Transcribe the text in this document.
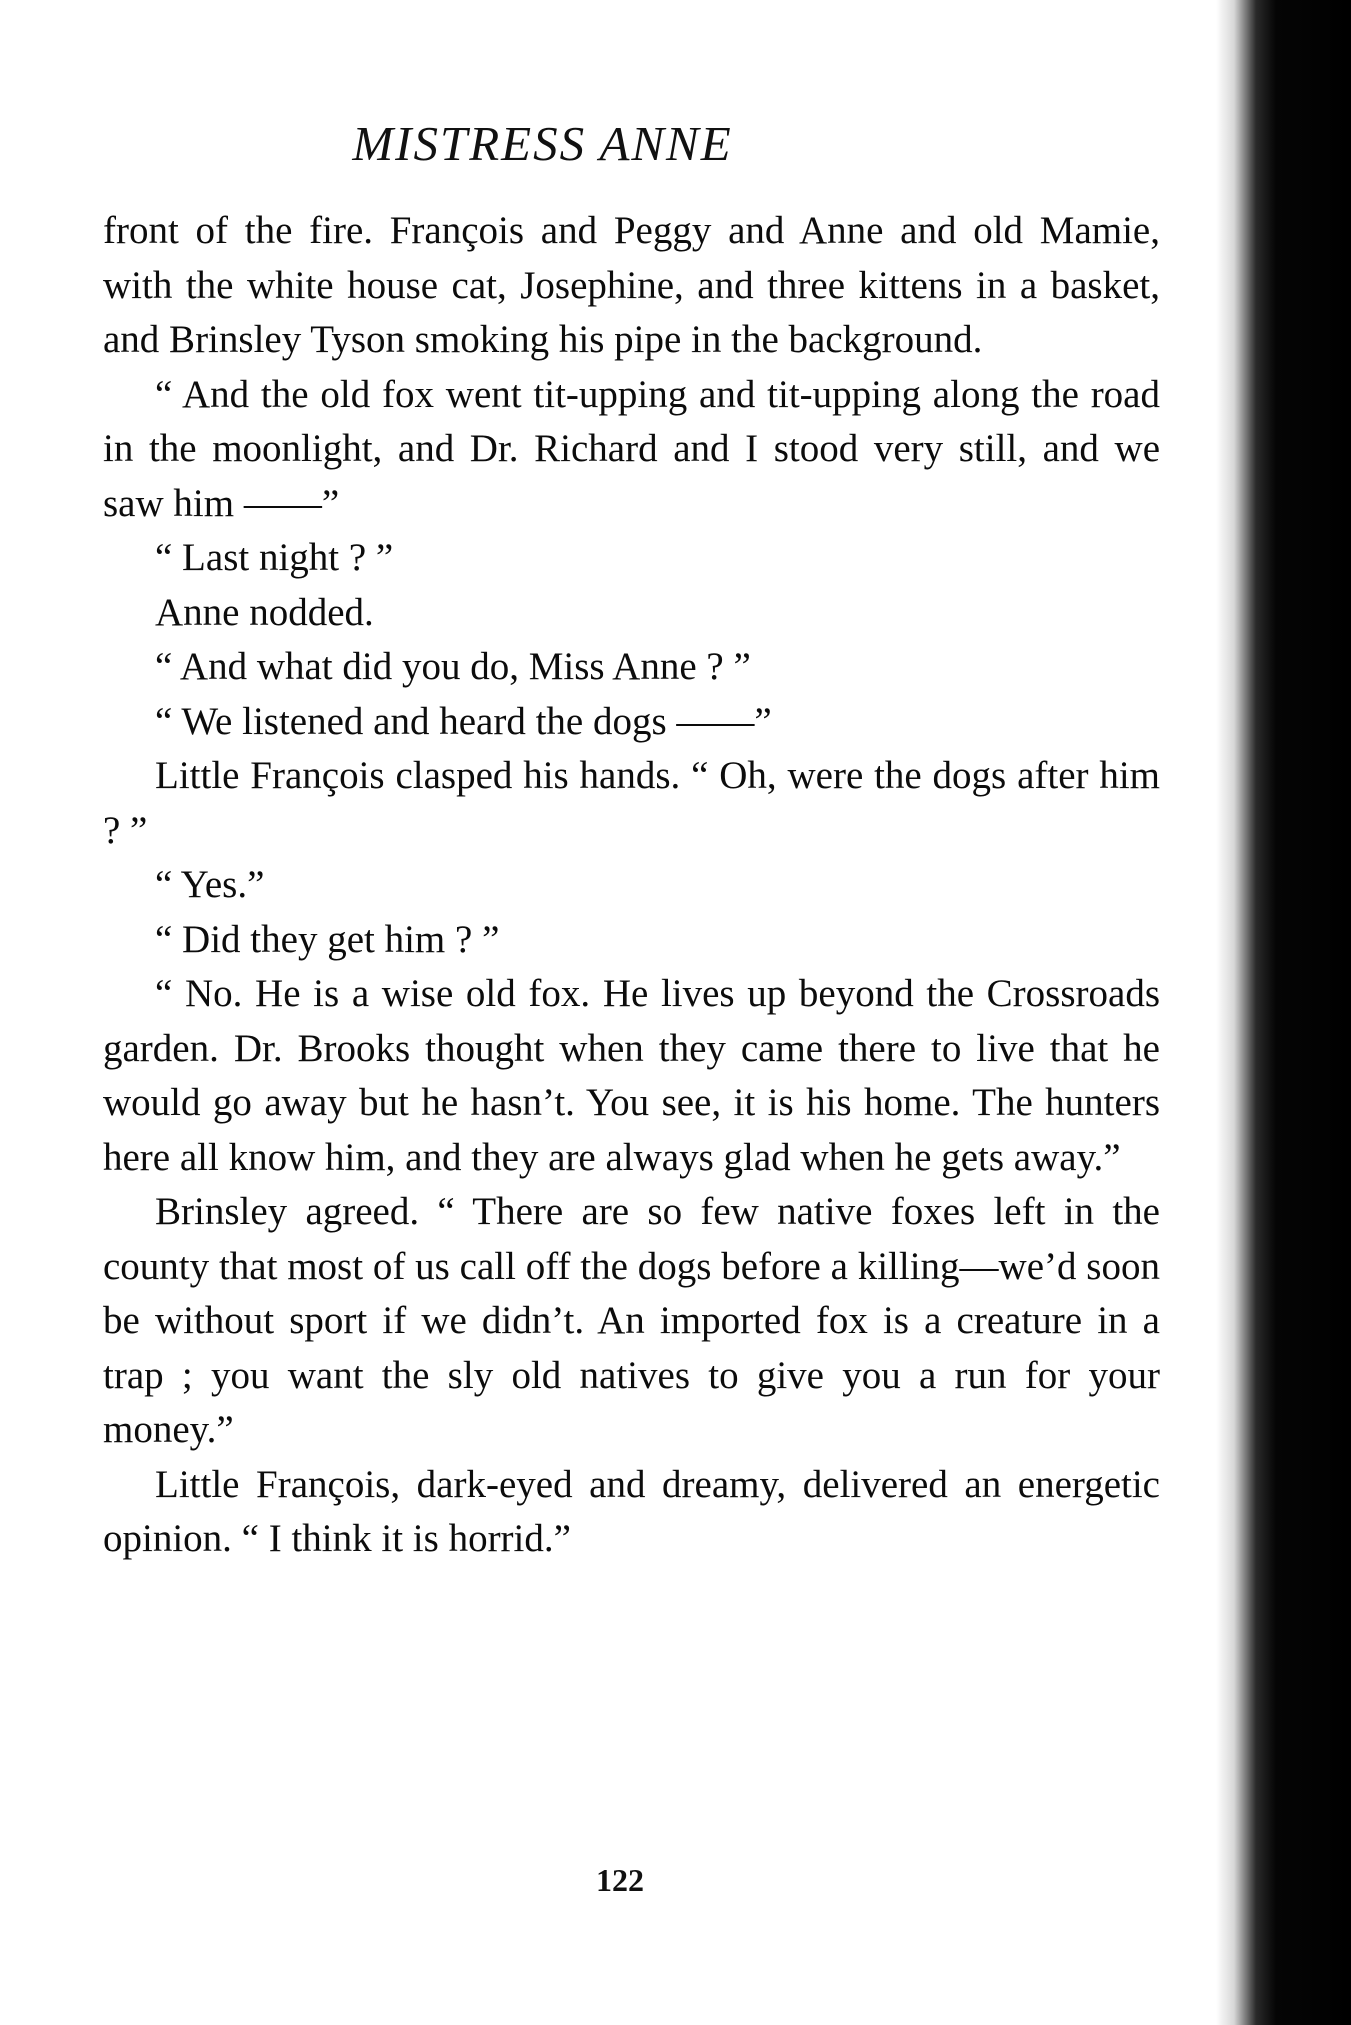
MISTRESS ANNE

front of the fire. François and Peggy and Anne and old Mamie, with the white house cat, Josephine, and three kittens in a basket, and Brinsley Tyson smoking his pipe in the background.

“ And the old fox went tit-upping and tit-upping along the road in the moonlight, and Dr. Richard and I stood very still, and we saw him ——”

“ Last night ? ”

Anne nodded.

“ And what did you do, Miss Anne ? ”

“ We listened and heard the dogs ——”

Little François clasped his hands. “ Oh, were the dogs after him ? ”

“ Yes.”

“ Did they get him ? ”

“ No. He is a wise old fox. He lives up beyond the Crossroads garden. Dr. Brooks thought when they came there to live that he would go away but he hasn’t. You see, it is his home. The hunters here all know him, and they are always glad when he gets away.”

Brinsley agreed. “ There are so few native foxes left in the county that most of us call off the dogs before a killing—we’d soon be without sport if we didn’t. An imported fox is a creature in a trap ; you want the sly old natives to give you a run for your money.”

Little François, dark-eyed and dreamy, delivered an energetic opinion. “ I think it is horrid.”

122
